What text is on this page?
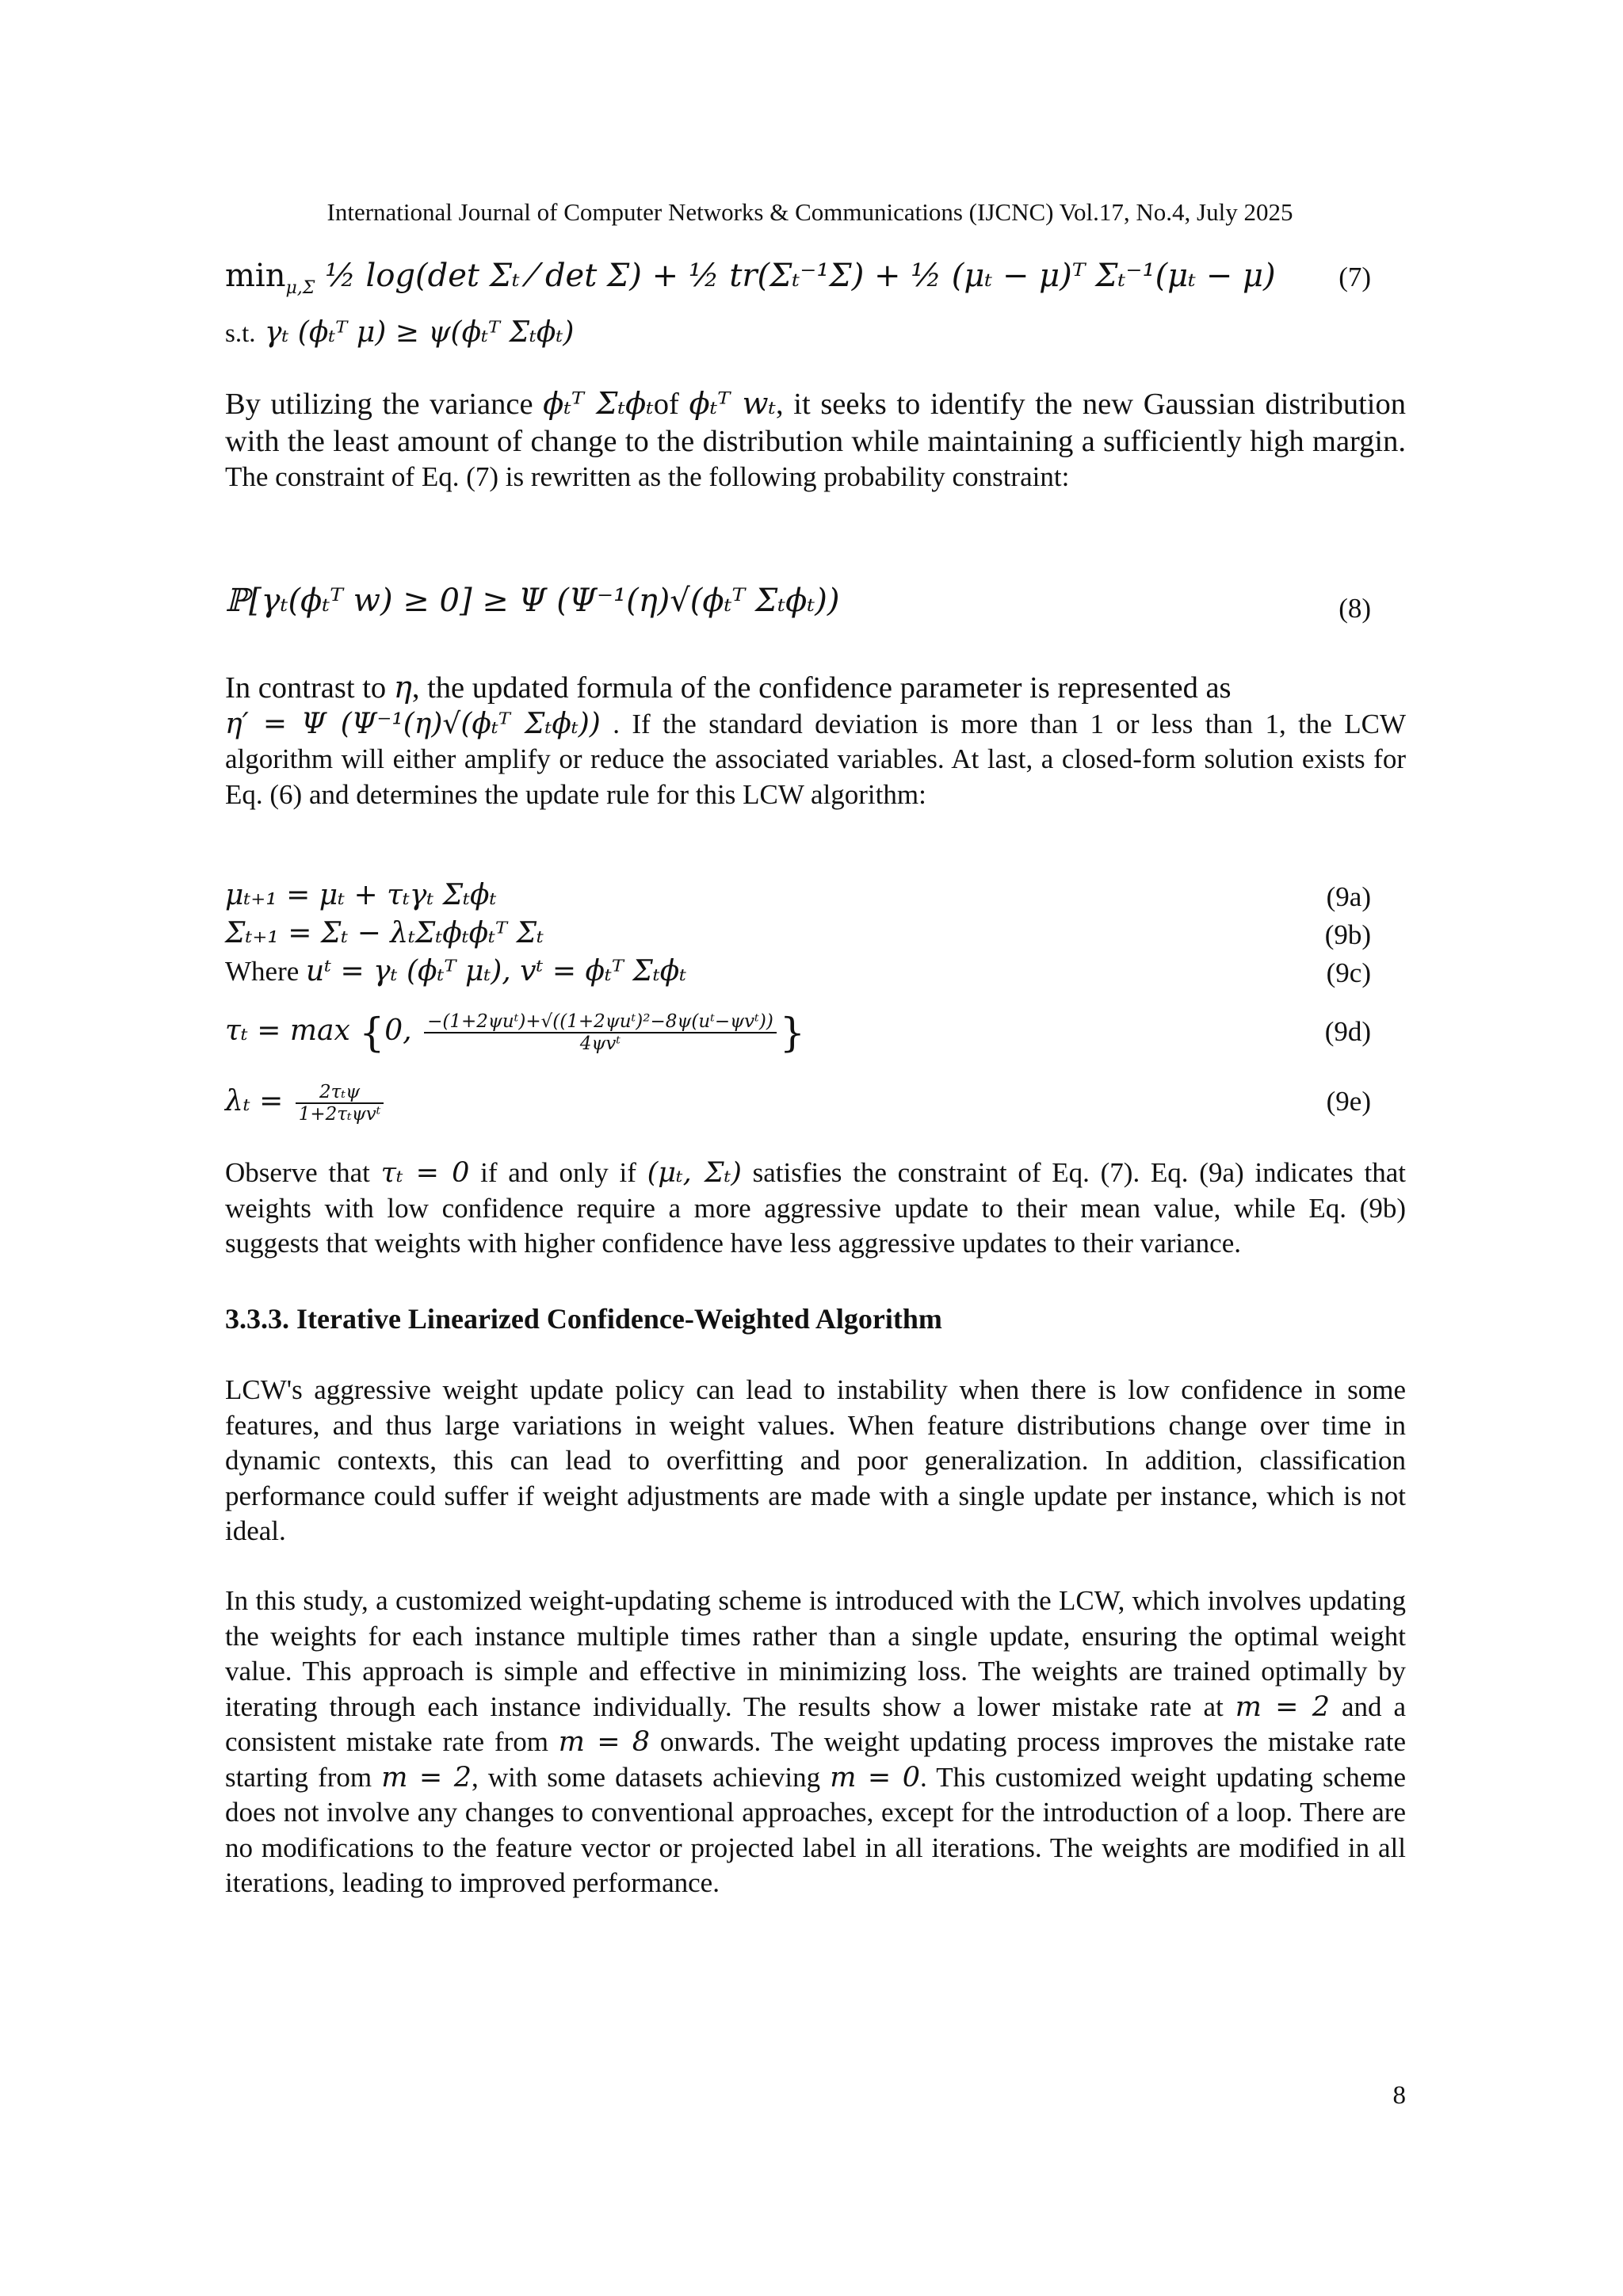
International Journal of Computer Networks & Communications (IJCNC) Vol.17, No.4, July 2025
$\min_{\mu,\Sigma}$ ½ log(det Σₜ ⁄ det Σ) + ½ tr(Σₜ⁻¹Σ) + ½ (μₜ − μ)ᵀ Σₜ⁻¹(μₜ − μ) (7)
s.t. γₜ (ϕₜᵀ μ) ≥ ψ(ϕₜᵀ Σₜϕₜ)

By utilizing the variance ϕₜᵀ Σₜϕₜof ϕₜᵀ wₜ, it seeks to identify the new Gaussian distribution with the least amount of change to the distribution while maintaining a sufficiently high margin. The constraint of Eq. (7) is rewritten as the following probability constraint:

ℙ[γₜ(ϕₜᵀ w) ≥ 0] ≥ Ψ (Ψ⁻¹(η)√(ϕₜᵀ Σₜϕₜ))	(8)

In contrast to η, the updated formula of the confidence parameter is represented as
η′ = Ψ (Ψ⁻¹(η)√(ϕₜᵀ Σₜϕₜ)) . If the standard deviation is more than 1 or less than 1, the LCW algorithm will either amplify or reduce the associated variables. At last, a closed-form solution exists for Eq. (6) and determines the update rule for this LCW algorithm:

μₜ₊₁ = μₜ + τₜγₜ Σₜϕₜ	(9a)
Σₜ₊₁ = Σₜ − λₜΣₜϕₜϕₜᵀ Σₜ	(9b)
Where uᵗ = γₜ (ϕₜᵀ μₜ), vᵗ = ϕₜᵀ Σₜϕₜ	(9c)
τₜ = max {0, $\frac{\text{−(1+2ψuᵗ)+√((1+2ψuᵗ)²−8ψ(uᵗ−ψvᵗ))}}{\text{4ψvᵗ}}$ }	(9d)
$\lambda_t = \frac{\text{2τₜψ}}{\text{1+2τₜψvᵗ}}$	(9e)

Observe that τₜ = 0 if and only if (μₜ, Σₜ) satisfies the constraint of Eq. (7). Eq. (9a) indicates that weights with low confidence require a more aggressive update to their mean value, while Eq. (9b) suggests that weights with higher confidence have less aggressive updates to their variance.

3.3.3. Iterative Linearized Confidence-Weighted Algorithm

LCW's aggressive weight update policy can lead to instability when there is low confidence in some features, and thus large variations in weight values. When feature distributions change over time in dynamic contexts, this can lead to overfitting and poor generalization. In addition, classification performance could suffer if weight adjustments are made with a single update per instance, which is not ideal.

In this study, a customized weight-updating scheme is introduced with the LCW, which involves updating the weights for each instance multiple times rather than a single update, ensuring the optimal weight value. This approach is simple and effective in minimizing loss. The weights are trained optimally by iterating through each instance individually. The results show a lower mistake rate at m = 2 and a consistent mistake rate from m = 8 onwards. The weight updating process improves the mistake rate starting from m = 2, with some datasets achieving m = 0. This customized weight updating scheme does not involve any changes to conventional approaches, except for the introduction of a loop. There are no modifications to the feature vector or projected label in all iterations. The weights are modified in all iterations, leading to improved performance.

8
